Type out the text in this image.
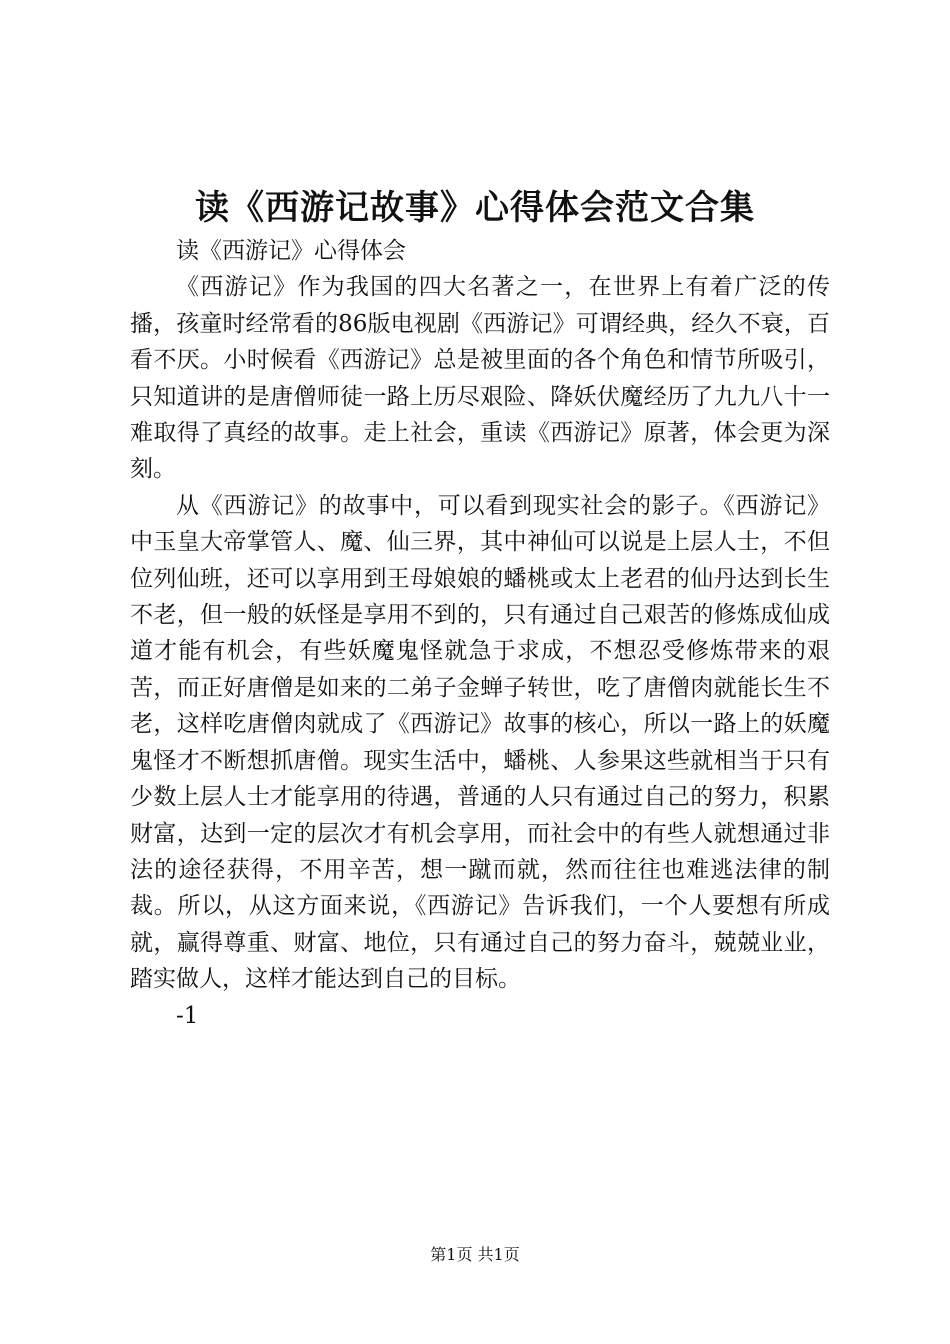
读《西游记故事》心得体会范文合集

读《西游记》心得体会

《西游记》作为我国的四大名著之一，在世界上有着广泛的传播，孩童时经常看的86版电视剧《西游记》可谓经典，经久不衰，百看不厌。小时候看《西游记》总是被里面的各个角色和情节所吸引，只知道讲的是唐僧师徒一路上历尽艰险、降妖伏魔经历了九九八十一难取得了真经的故事。走上社会，重读《西游记》原著，体会更为深刻。

从《西游记》的故事中，可以看到现实社会的影子。《西游记》中玉皇大帝掌管人、魔、仙三界，其中神仙可以说是上层人士，不但位列仙班，还可以享用到王母娘娘的蟠桃或太上老君的仙丹达到长生不老，但一般的妖怪是享用不到的，只有通过自己艰苦的修炼成仙成道才能有机会，有些妖魔鬼怪就急于求成，不想忍受修炼带来的艰苦，而正好唐僧是如来的二弟子金蝉子转世，吃了唐僧肉就能长生不老，这样吃唐僧肉就成了《西游记》故事的核心，所以一路上的妖魔鬼怪才不断想抓唐僧。现实生活中，蟠桃、人参果这些就相当于只有少数上层人士才能享用的待遇，普通的人只有通过自己的努力，积累财富，达到一定的层次才有机会享用，而社会中的有些人就想通过非法的途径获得，不用辛苦，想一蹴而就，然而往往也难逃法律的制裁。所以，从这方面来说，《西游记》告诉我们，一个人要想有所成就，赢得尊重、财富、地位，只有通过自己的努力奋斗，兢兢业业，踏实做人，这样才能达到自己的目标。

-1

第1页 共1页
